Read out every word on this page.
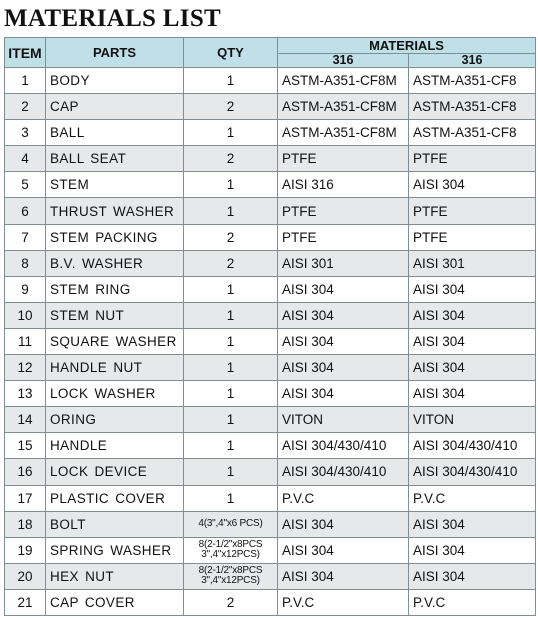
MATERIALS LIST
ITEM	PARTS	QTY	MATERIALS	
			316	316
1	BODY	1	ASTM-A351-CF8M	ASTM-A351-CF8
2	CAP	2	ASTM-A351-CF8M	ASTM-A351-CF8
3	BALL	1	ASTM-A351-CF8M	ASTM-A351-CF8
4	BALL SEAT	2	PTFE	PTFE
5	STEM	1	AISI 316	AISI 304
6	THRUST WASHER	1	PTFE	PTFE
7	STEM PACKING	2	PTFE	PTFE
8	B.V. WASHER	2	AISI 301	AISI 301
9	STEM RING	1	AISI 304	AISI 304
10	STEM NUT	1	AISI 304	AISI 304
11	SQUARE WASHER	1	AISI 304	AISI 304
12	HANDLE NUT	1	AISI 304	AISI 304
13	LOCK WASHER	1	AISI 304	AISI 304
14	ORING	1	VITON	VITON
15	HANDLE	1	AISI 304/430/410	AISI 304/430/410
16	LOCK DEVICE	1	AISI 304/430/410	AISI 304/430/410
17	PLASTIC COVER	1	P.V.C	P.V.C
18	BOLT	4(3",4"x6 PCS)	AISI 304	AISI 304
19	SPRING WASHER	8(2-1/2"x8PCS 3",4"x12PCS)	AISI 304	AISI 304
20	HEX NUT	8(2-1/2"x8PCS 3",4"x12PCS)	AISI 304	AISI 304
21	CAP COVER	2	P.V.C	P.V.C
